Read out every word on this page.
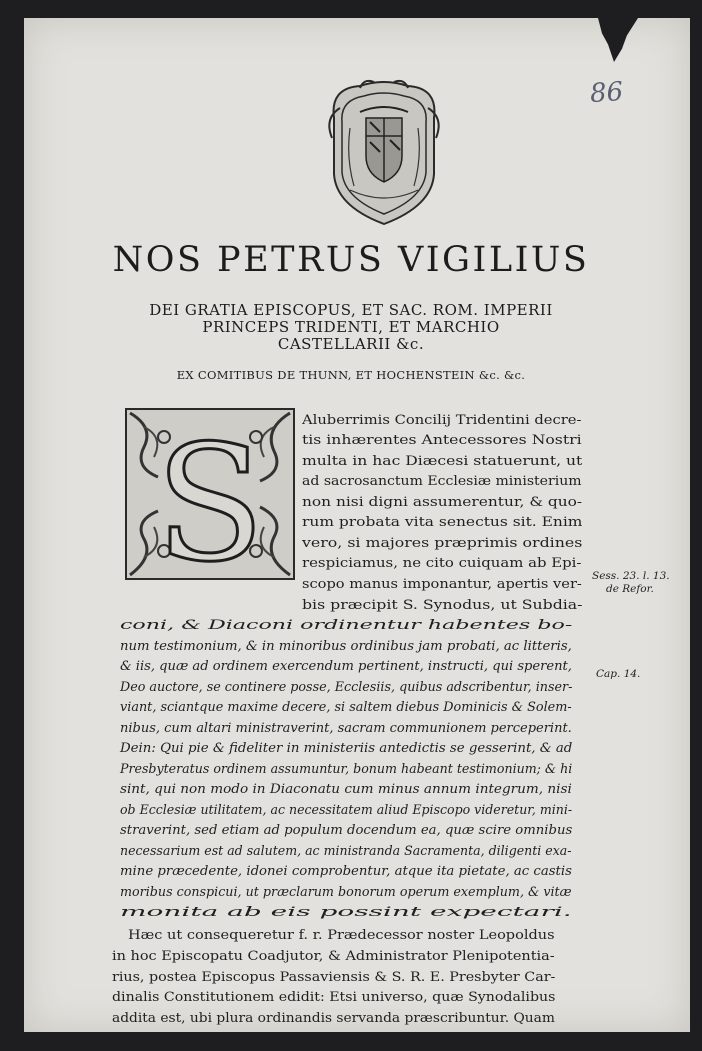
86
NOS PETRUS VIGILIUS
DEI GRATIA EPISCOPUS, ET SAC. ROM. IMPERII
PRINCEPS TRIDENTI, ET MARCHIO
CASTELLARII &c.
EX COMITIBUS DE THUNN, ET HOCHENSTEIN &c. &c.
S	Aluberrimis Concilij Tridentini decre-
tis inhærentes Antecessores Nostri
multa in hac Diæcesi statuerunt, ut
ad sacrosanctum Ecclesiæ ministerium
non nisi digni assumerentur, & quo-
rum probata vita senectus sit. Enim
vero, si majores præprimis ordines
respiciamus, ne cito cuiquam ab Epi-
scopo manus imponantur, apertis ver-
bis præcipit S. Synodus, ut Subdia-
coni, & Diaconi ordinentur habentes bo-
num testimonium, & in minoribus ordinibus jam probati, ac litteris,
& iis, quæ ad ordinem exercendum pertinent, instructi, qui sperent,
Deo auctore, se continere posse, Ecclesiis, quibus adscribentur, inser-
viant, sciantque maxime decere, si saltem diebus Dominicis & Solem-
nibus, cum altari ministraverint, sacram communionem perceperint.
Dein: Qui pie & fideliter in ministeriis antedictis se gesserint, & ad
Presbyteratus ordinem assumuntur, bonum habeant testimonium; & hi
sint, qui non modo in Diaconatu cum minus annum integrum, nisi
ob Ecclesiæ utilitatem, ac necessitatem aliud Episcopo videretur, mini-
straverint, sed etiam ad populum docendum ea, quæ scire omnibus
necessarium est ad salutem, ac ministranda Sacramenta, diligenti exa-
mine præcedente, idonei comprobentur, atque ita pietate, ac castis
moribus conspicui, ut præclarum bonorum operum exemplum, & vitæ
monita ab eis possint expectari.
Hæc ut consequeretur f. r. Prædecessor noster Leopoldus
in hoc Episcopatu Coadjutor, & Administrator Plenipotentia-
rius, postea Episcopus Passaviensis & S. R. E. Presbyter Car-
dinalis Constitutionem edidit: Etsi universo, quæ Synodalibus
addita est, ubi plura ordinandis servanda præscribuntur. Quam
consti-
Sess. 23. l. 13.
de Refor.
Cap. 14.
